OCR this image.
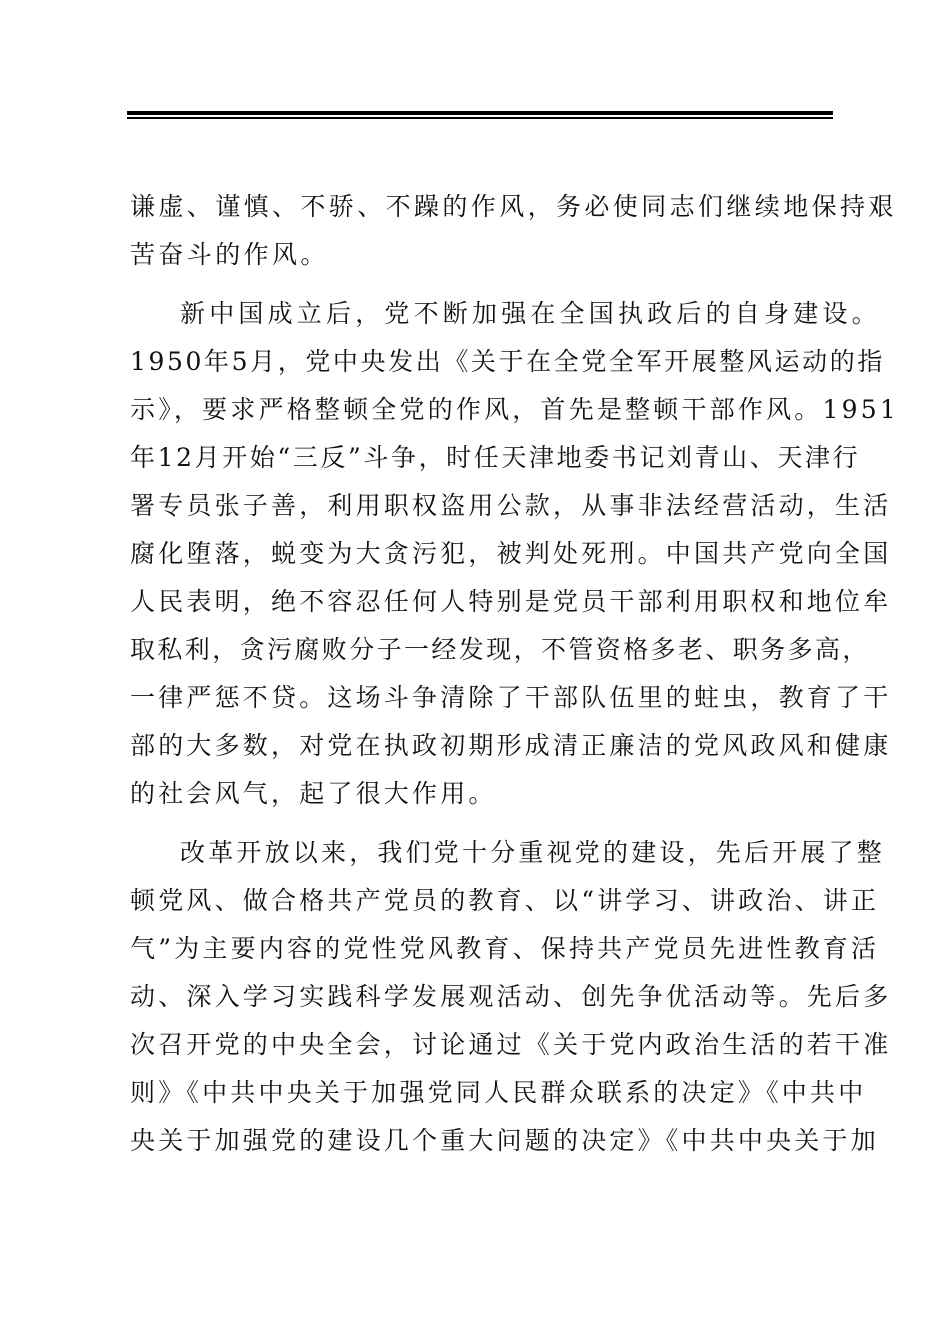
谦虚、谨慎、不骄、不躁的作风，务必使同志们继续地保持艰
苦奋斗的作风。
新中国成立后，党不断加强在全国执政后的自身建设。
1950年5月，党中央发出《关于在全党全军开展整风运动的指
示》，要求严格整顿全党的作风，首先是整顿干部作风。1951
年12月开始“三反”斗争，时任天津地委书记刘青山、天津行
署专员张子善，利用职权盗用公款，从事非法经营活动，生活
腐化堕落，蜕变为大贪污犯，被判处死刑。中国共产党向全国
人民表明，绝不容忍任何人特别是党员干部利用职权和地位牟
取私利，贪污腐败分子一经发现，不管资格多老、职务多高，
一律严惩不贷。这场斗争清除了干部队伍里的蛀虫，教育了干
部的大多数，对党在执政初期形成清正廉洁的党风政风和健康
的社会风气，起了很大作用。
改革开放以来，我们党十分重视党的建设，先后开展了整
顿党风、做合格共产党员的教育、以“讲学习、讲政治、讲正
气”为主要内容的党性党风教育、保持共产党员先进性教育活
动、深入学习实践科学发展观活动、创先争优活动等。先后多
次召开党的中央全会，讨论通过《关于党内政治生活的若干准
则》《中共中央关于加强党同人民群众联系的决定》《中共中
央关于加强党的建设几个重大问题的决定》《中共中央关于加
